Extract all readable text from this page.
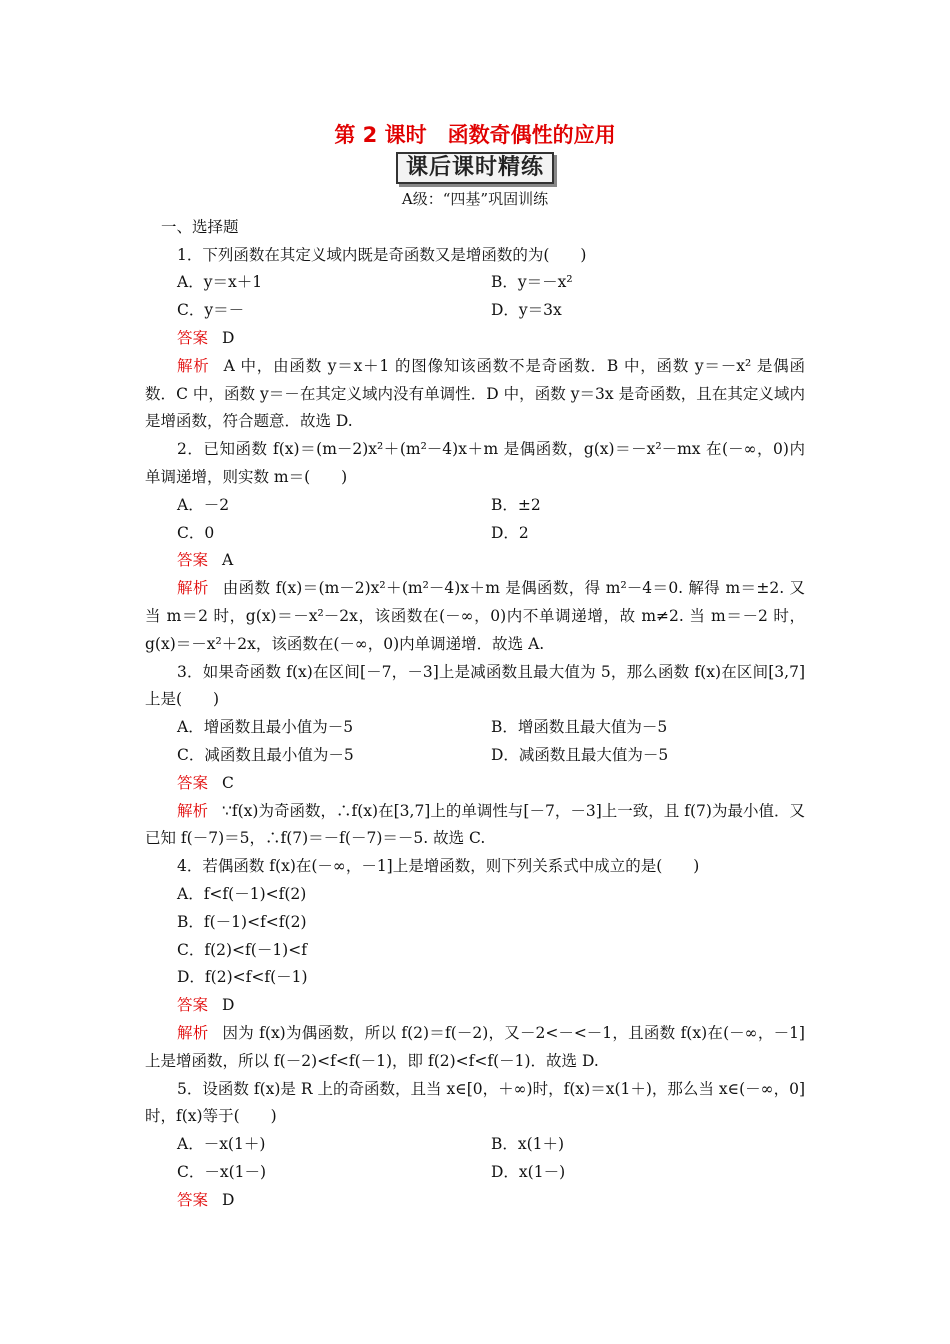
第 2 课时　函数奇偶性的应用
课后课时精练
A级：“四基”巩固训练
一、选择题
1．下列函数在其定义域内既是奇函数又是增函数的为(　　)
A．y＝x＋1	B．y＝－x²
C．y＝－	D．y＝3x
答案 D
解析 A 中，由函数 y＝x＋1 的图像知该函数不是奇函数．B 中，函数 y＝－x² 是偶函数．C 中，函数 y＝－在其定义域内没有单调性．D 中，函数 y＝3x 是奇函数，且在其定义域内是增函数，符合题意．故选 D.
2．已知函数 f(x)＝(m－2)x²＋(m²－4)x＋m 是偶函数，g(x)＝－x²－mx 在(－∞，0)内单调递增，则实数 m＝(　　)
A．－2	B．±2
C．0	D．2
答案 A
解析 由函数 f(x)＝(m－2)x²＋(m²－4)x＋m 是偶函数，得 m²－4＝0. 解得 m＝±2. 又当 m＝2 时，g(x)＝－x²－2x，该函数在(－∞，0)内不单调递增，故 m≠2. 当 m＝－2 时，g(x)＝－x²＋2x，该函数在(－∞，0)内单调递增．故选 A.
3．如果奇函数 f(x)在区间[－7，－3]上是减函数且最大值为 5，那么函数 f(x)在区间[3,7]上是(　　)
A．增函数且最小值为－5	B．增函数且最大值为－5
C．减函数且最小值为－5	D．减函数且最大值为－5
答案 C
解析 ∵f(x)为奇函数，∴f(x)在[3,7]上的单调性与[－7，－3]上一致，且 f(7)为最小值．又已知 f(－7)＝5，∴f(7)＝－f(－7)＝－5. 故选 C.
4．若偶函数 f(x)在(－∞，－1]上是增函数，则下列关系式中成立的是(　　)
A．f<f(－1)<f(2)
B．f(－1)<f<f(2)
C．f(2)<f(－1)<f
D．f(2)<f<f(－1)
答案 D
解析 因为 f(x)为偶函数，所以 f(2)＝f(－2)，又－2<－<－1，且函数 f(x)在(－∞，－1]上是增函数，所以 f(－2)<f<f(－1)，即 f(2)<f<f(－1)．故选 D.
5．设函数 f(x)是 R 上的奇函数，且当 x∈[0，＋∞)时，f(x)＝x(1＋)，那么当 x∈(－∞，0]时，f(x)等于(　　)
A．－x(1＋)	B．x(1＋)
C．－x(1－)	D．x(1－)
答案 D
